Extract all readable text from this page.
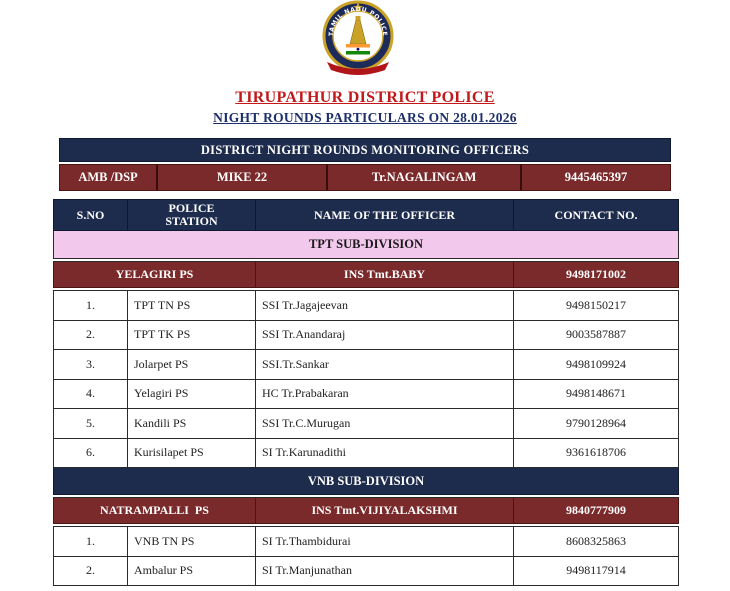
TAMIL NADU POLICE
TIRUPATHUR DISTRICT POLICE
NIGHT ROUNDS PARTICULARS ON 28.01.2026
DISTRICT NIGHT ROUNDS MONITORING OFFICERS
AMB /DSP	MIKE 22	Tr.NAGALINGAM	9445465397
S.NO	POLICE STATION	NAME OF THE OFFICER	CONTACT NO.
TPT SUB-DIVISION			

YELAGIRI PS		INS Tmt.BABY	9498171002

1.	TPT TN PS	SSI Tr.Jagajeevan	9498150217
2.	TPT TK PS	SSI Tr.Anandaraj	9003587887
3.	Jolarpet PS	SSI.Tr.Sankar	9498109924
4.	Yelagiri PS	HC Tr.Prabakaran	9498148671
5.	Kandili PS	SSI Tr.C.Murugan	9790128964
6.	Kurisilapet PS	SI Tr.Karunadithi	9361618706
VNB SUB-DIVISION			

NATRAMPALLI  PS		INS Tmt.VIJIYALAKSHMI	9840777909

1.	VNB TN PS	SI Tr.Thambidurai	8608325863
2.	Ambalur PS	SI Tr.Manjunathan	9498117914
